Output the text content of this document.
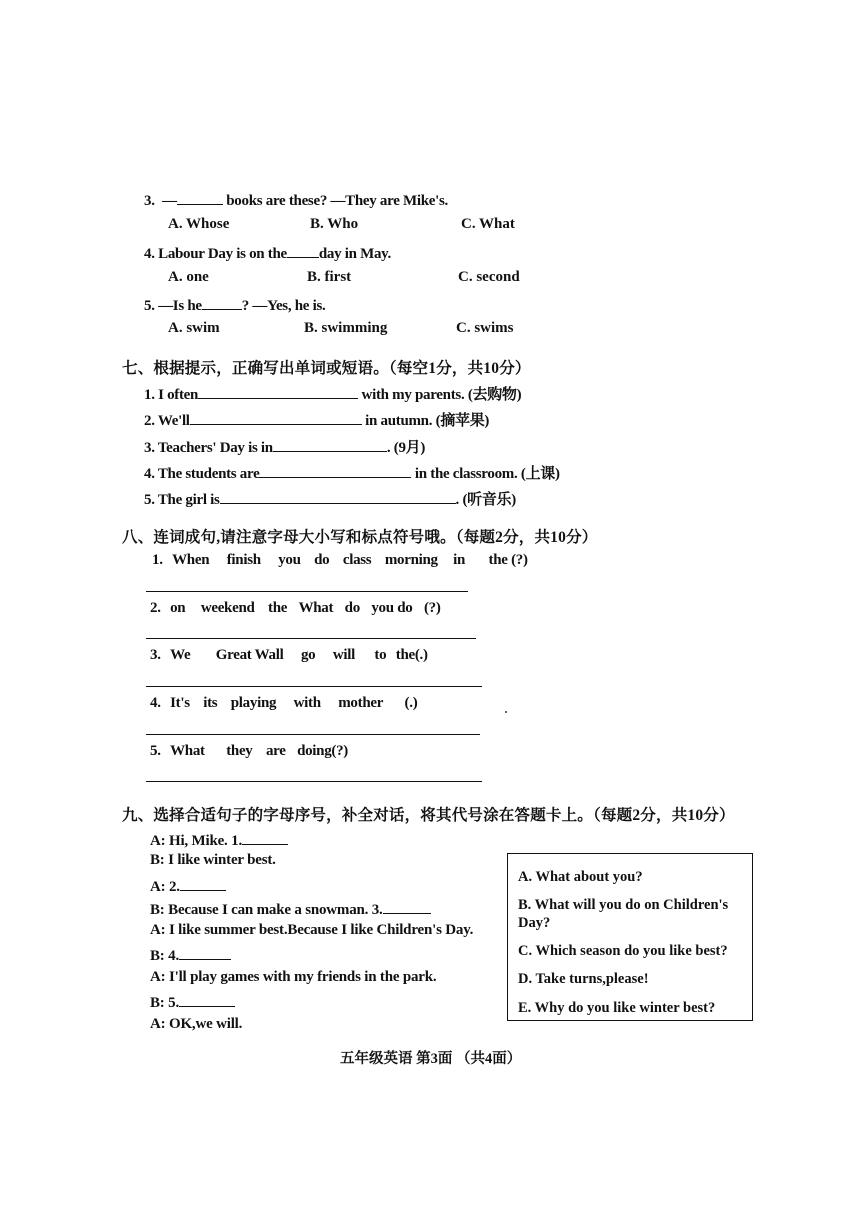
3. —	books are these? —They are Mike's.
A. Whose	B. Who	C. What
4. Labour Day is on the day in May.
A. one	B. first	C. second
5. —Is he	? —Yes, he is.
A. swim	B. swimming	C. swims
七、根据提示，正确写出单词或短语。（每空1分，共10分）
1. I often	with my parents. (去购物)
2. We'll	in autumn. (摘苹果)
3. Teachers' Day is in	. (9月)
4. The students are	in the classroom. (上课)
5. The girl is	. (听音乐)
八、连词成句,请注意字母大小写和标点符号哦。（每题2分，共10分）
1. When finish you do class morning in the (?)
2. on weekend the What do you do (?)
3. We Great Wall go will to the(.)
4. It's its playing with mother (.)
5. What they are doing(?)
九、选择合适句子的字母序号，补全对话，将其代号涂在答题卡上。（每题2分，共10分）
A: Hi, Mike. 1.
B: I like winter best.
A: 2.
B: Because I can make a snowman. 3.
A: I like summer best.Because I like Children's Day.
B: 4.
A: I'll play games with my friends in the park.
B: 5.
A: OK,we will.
A. What about you?
B. What will you do on Children's
Day?
C. Which season do you like best?
D. Take turns,please!
E. Why do you like winter best?
五年级英语 第3面 （共4面）
